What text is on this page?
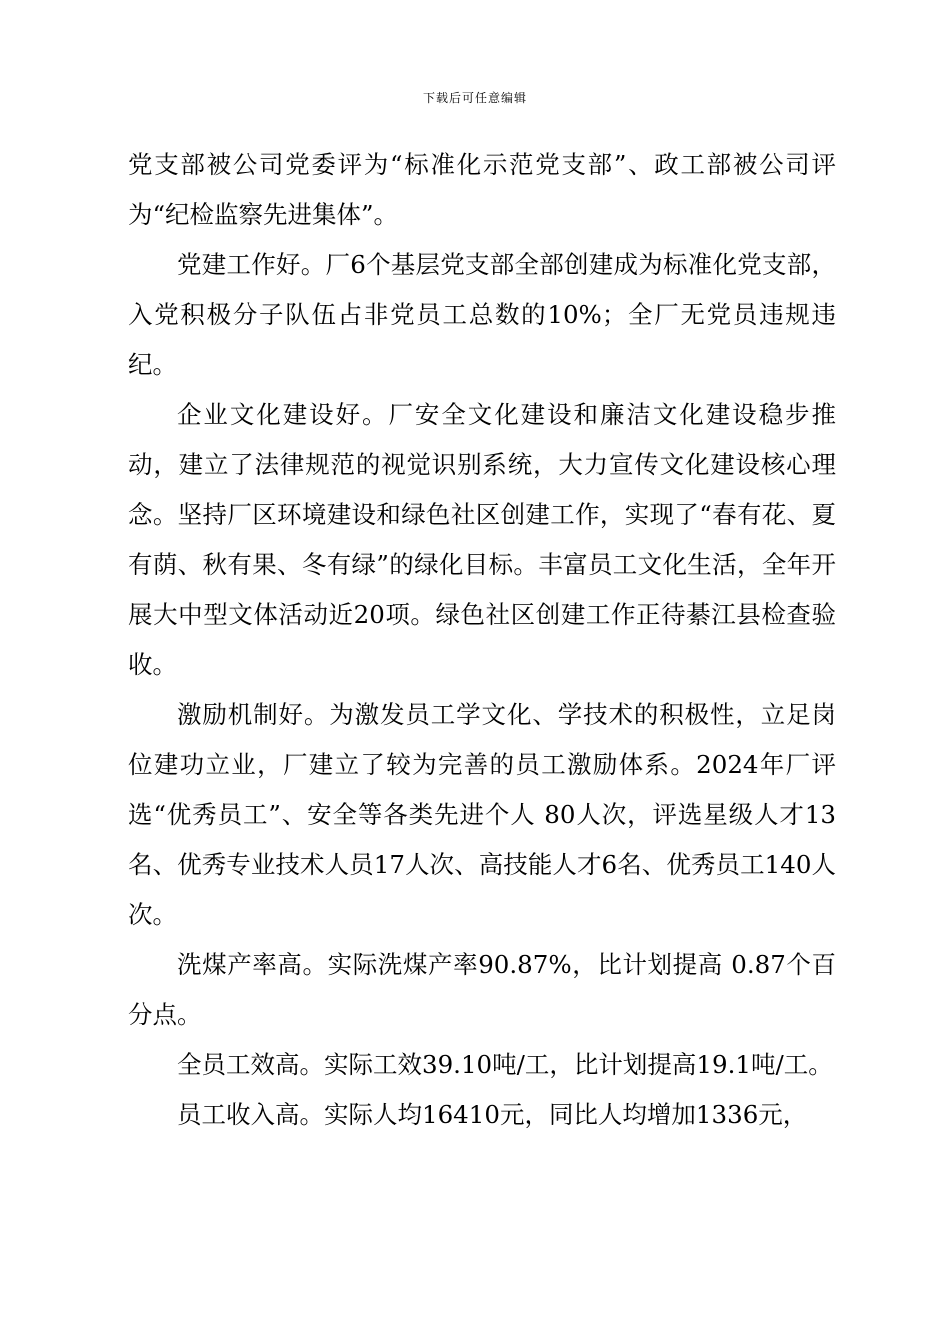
下载后可任意编辑

党支部被公司党委评为“标准化示范党支部”、政工部被公司评为“纪检监察先进集体”。

党建工作好。厂6个基层党支部全部创建成为标准化党支部，入党积极分子队伍占非党员工总数的10%；全厂无党员违规违纪。

企业文化建设好。厂安全文化建设和廉洁文化建设稳步推动，建立了法律规范的视觉识别系统，大力宣传文化建设核心理念。坚持厂区环境建设和绿色社区创建工作，实现了“春有花、夏有荫、秋有果、冬有绿”的绿化目标。丰富员工文化生活，全年开展大中型文体活动近20项。绿色社区创建工作正待綦江县检查验收。

激励机制好。为激发员工学文化、学技术的积极性，立足岗位建功立业，厂建立了较为完善的员工激励体系。2024年厂评选“优秀员工”、安全等各类先进个人 80人次，评选星级人才13名、优秀专业技术人员17人次、高技能人才6名、优秀员工140人次。

洗煤产率高。实际洗煤产率90.87%，比计划提高 0.87个百分点。

全员工效高。实际工效39.10吨/工，比计划提高19.1吨/工。

员工收入高。实际人均16410元，同比人均增加1336元，
